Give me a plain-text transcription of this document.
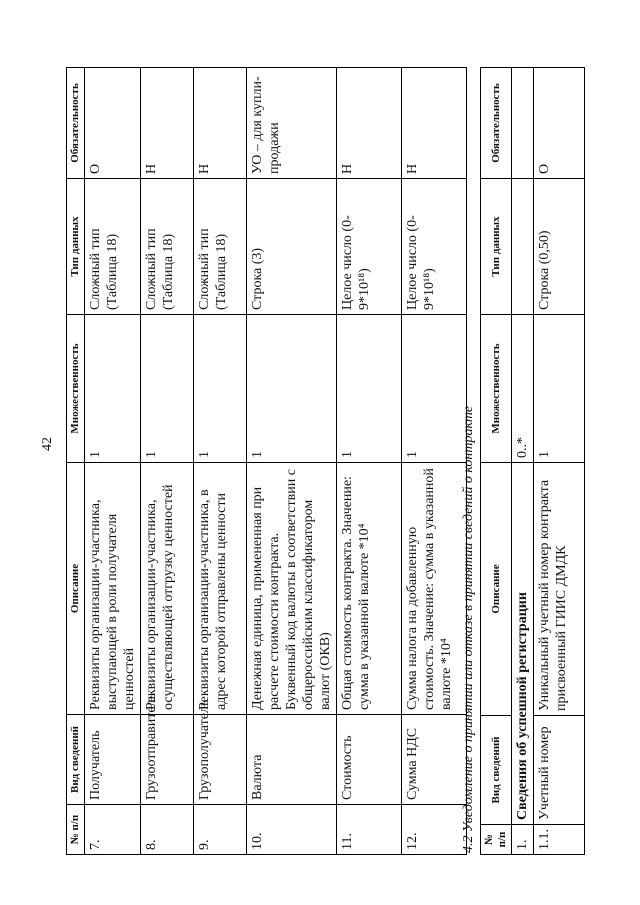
42
№ п/п	Вид сведений	Описание	Множественность	Тип данных	Обязательность
7.	Получатель	Реквизиты организации-участника, выступающей в роли получателя ценностей	1	Сложный тип (Таблица 18)	О
8.	Грузоотправитель	Реквизиты организации-участника, осуществляющей отгрузку ценностей	1	Сложный тип (Таблица 18)	Н
9.	Грузополучатель	Реквизиты организации-участника, в адрес которой отправлены ценности	1	Сложный тип (Таблица 18)	Н
10.	Валюта	Денежная единица, примененная при расчете стоимости контракта. Буквенный код валюты в соответствии с общероссийским классификатором валют (ОКВ)	1	Строка (3)	УО – для купли-продажи
11.	Стоимость	Общая стоимость контракта. Значение: сумма в указанной валюте *10⁴	1	Целое число (0-9*10¹⁸)	Н
12.	Сумма НДС	Сумма налога на добавленную стоимость. Значение: сумма в указанной валюте *10⁴	1	Целое число (0-9*10¹⁸)	Н
4.2 Уведомление о принятии или отказе в принятии сведений о контракте № п/п	Вид сведений	Описание	Множественность	Тип данных	Обязательность
1.	Сведения об успешной регистрации		0..*		
1.1.	Учетный номер	Уникальный учетный номер контракта присвоенный ГИИС ДМДК	1	Строка (0,50)	О
